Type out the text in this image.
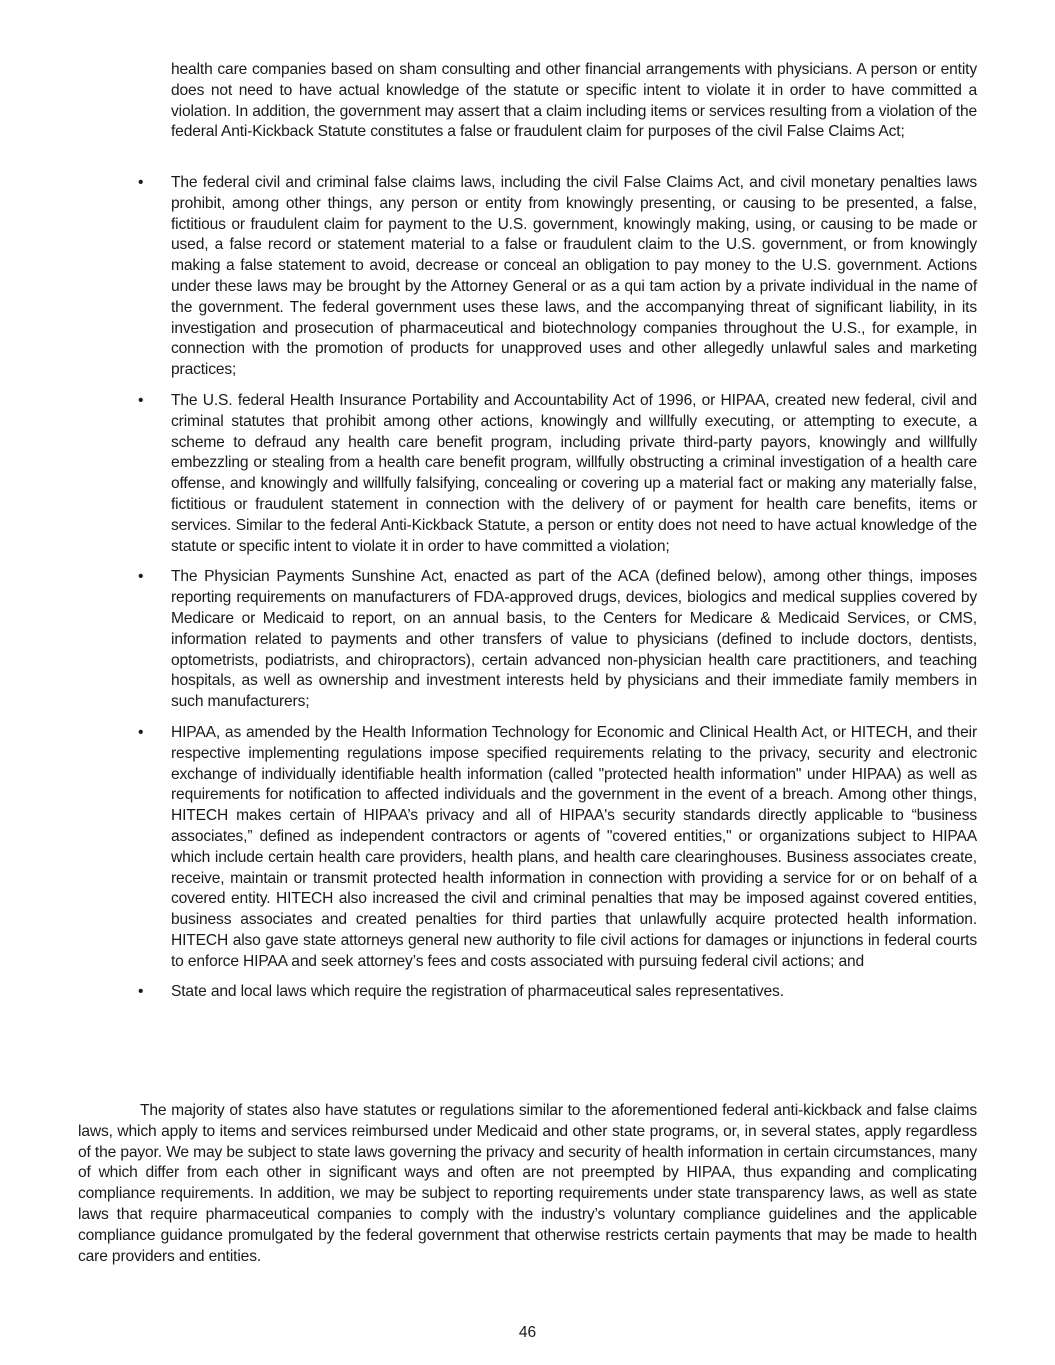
health care companies based on sham consulting and other financial arrangements with physicians. A person or entity does not need to have actual knowledge of the statute or specific intent to violate it in order to have committed a violation. In addition, the government may assert that a claim including items or services resulting from a violation of the federal Anti-Kickback Statute constitutes a false or fraudulent claim for purposes of the civil False Claims Act;
•	The federal civil and criminal false claims laws, including the civil False Claims Act, and civil monetary penalties laws prohibit, among other things, any person or entity from knowingly presenting, or causing to be presented, a false, fictitious or fraudulent claim for payment to the U.S. government, knowingly making, using, or causing to be made or used, a false record or statement material to a false or fraudulent claim to the U.S. government, or from knowingly making a false statement to avoid, decrease or conceal an obligation to pay money to the U.S. government. Actions under these laws may be brought by the Attorney General or as a qui tam action by a private individual in the name of the government. The federal government uses these laws, and the accompanying threat of significant liability, in its investigation and prosecution of pharmaceutical and biotechnology companies throughout the U.S., for example, in connection with the promotion of products for unapproved uses and other allegedly unlawful sales and marketing practices;
•	The U.S. federal Health Insurance Portability and Accountability Act of 1996, or HIPAA, created new federal, civil and criminal statutes that prohibit among other actions, knowingly and willfully executing, or attempting to execute, a scheme to defraud any health care benefit program, including private third-party payors, knowingly and willfully embezzling or stealing from a health care benefit program, willfully obstructing a criminal investigation of a health care offense, and knowingly and willfully falsifying, concealing or covering up a material fact or making any materially false, fictitious or fraudulent statement in connection with the delivery of or payment for health care benefits, items or services. Similar to the federal Anti-Kickback Statute, a person or entity does not need to have actual knowledge of the statute or specific intent to violate it in order to have committed a violation;
•	The Physician Payments Sunshine Act, enacted as part of the ACA (defined below), among other things, imposes reporting requirements on manufacturers of FDA-approved drugs, devices, biologics and medical supplies covered by Medicare or Medicaid to report, on an annual basis, to the Centers for Medicare & Medicaid Services, or CMS, information related to payments and other transfers of value to physicians (defined to include doctors, dentists, optometrists, podiatrists, and chiropractors), certain advanced non-physician health care practitioners, and teaching hospitals, as well as ownership and investment interests held by physicians and their immediate family members in such manufacturers;
•	HIPAA, as amended by the Health Information Technology for Economic and Clinical Health Act, or HITECH, and their respective implementing regulations impose specified requirements relating to the privacy, security and electronic exchange of individually identifiable health information (called "protected health information" under HIPAA) as well as requirements for notification to affected individuals and the government in the event of a breach. Among other things, HITECH makes certain of HIPAA’s privacy and all of HIPAA's security standards directly applicable to “business associates,” defined as independent contractors or agents of "covered entities," or organizations subject to HIPAA which include certain health care providers, health plans, and health care clearinghouses. Business associates create, receive, maintain or transmit protected health information in connection with providing a service for or on behalf of a covered entity. HITECH also increased the civil and criminal penalties that may be imposed against covered entities, business associates and created penalties for third parties that unlawfully acquire protected health information. HITECH also gave state attorneys general new authority to file civil actions for damages or injunctions in federal courts to enforce HIPAA and seek attorney’s fees and costs associated with pursuing federal civil actions; and
•	State and local laws which require the registration of pharmaceutical sales representatives.

The majority of states also have statutes or regulations similar to the aforementioned federal anti-kickback and false claims laws, which apply to items and services reimbursed under Medicaid and other state programs, or, in several states, apply regardless of the payor. We may be subject to state laws governing the privacy and security of health information in certain circumstances, many of which differ from each other in significant ways and often are not preempted by HIPAA, thus expanding and complicating compliance requirements. In addition, we may be subject to reporting requirements under state transparency laws, as well as state laws that require pharmaceutical companies to comply with the industry’s voluntary compliance guidelines and the applicable compliance guidance promulgated by the federal government that otherwise restricts certain payments that may be made to health care providers and entities.

46
